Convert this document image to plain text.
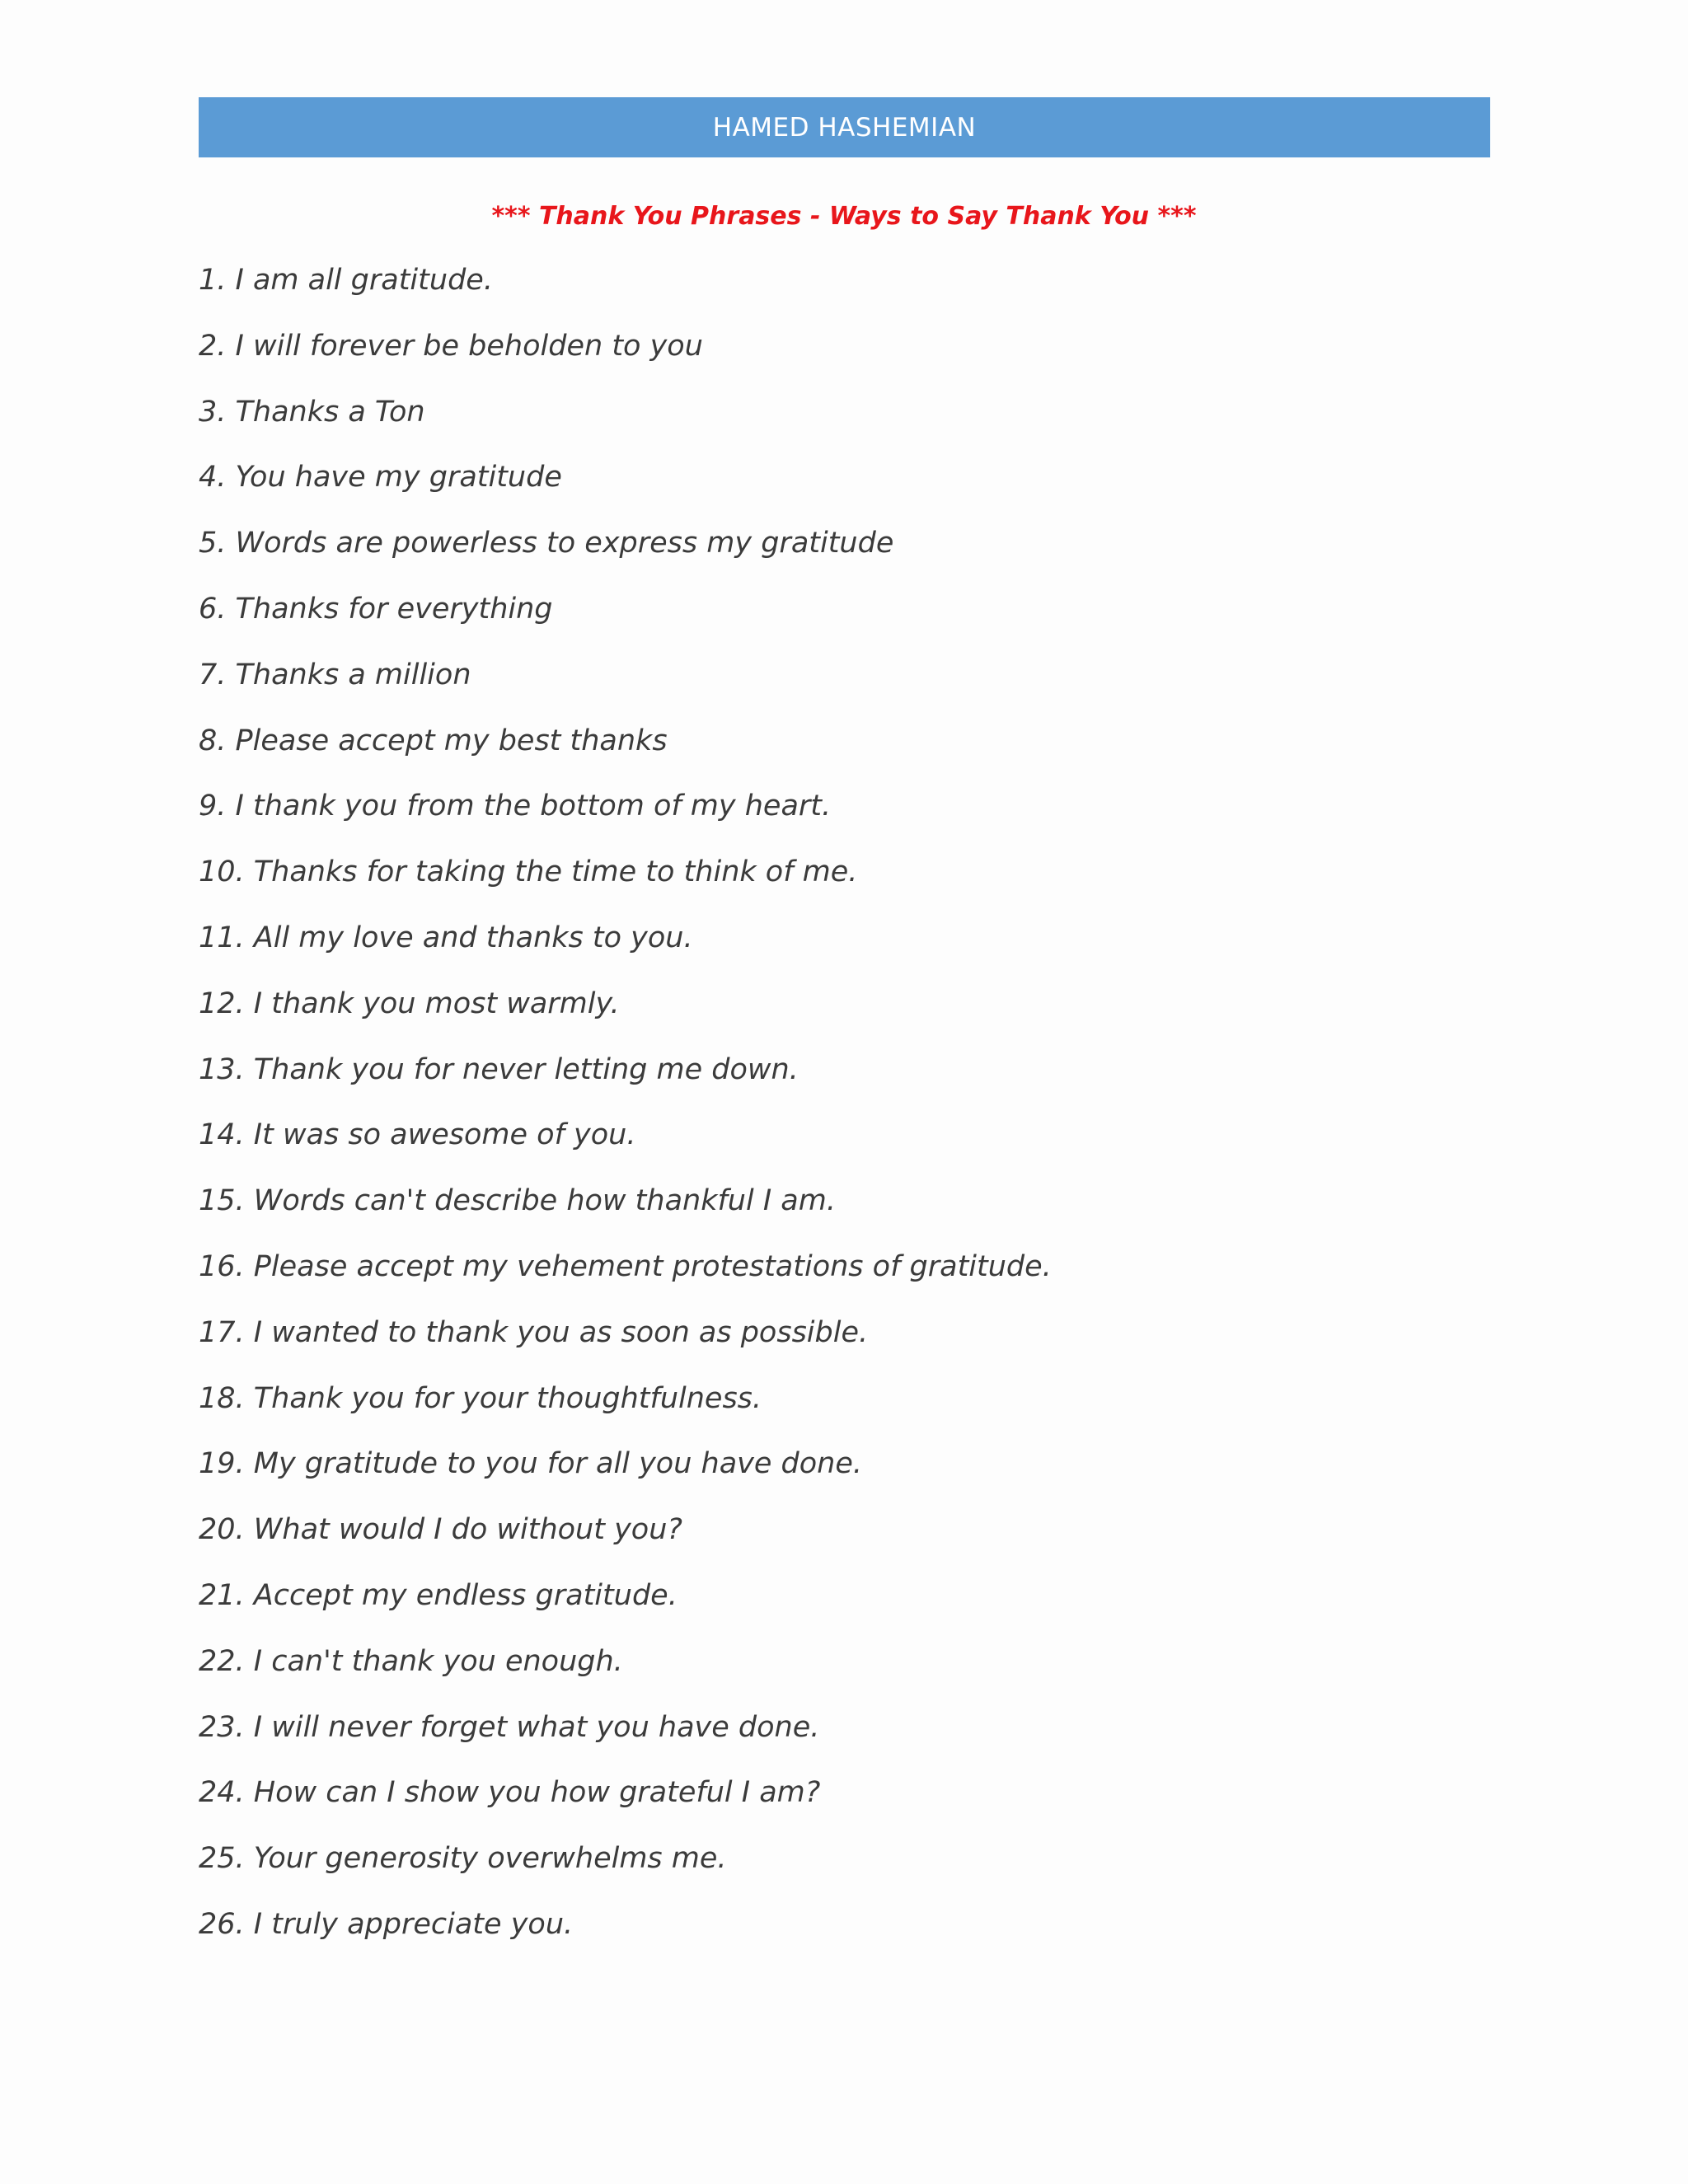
HAMED HASHEMIAN
*** Thank You Phrases - Ways to Say Thank You ***
1. I am all gratitude.
2. I will forever be beholden to you
3. Thanks a Ton
4. You have my gratitude
5. Words are powerless to express my gratitude
6. Thanks for everything
7. Thanks a million
8. Please accept my best thanks
9. I thank you from the bottom of my heart.
10. Thanks for taking the time to think of me.
11. All my love and thanks to you.
12. I thank you most warmly.
13. Thank you for never letting me down.
14. It was so awesome of you.
15. Words can't describe how thankful I am.
16. Please accept my vehement protestations of gratitude.
17. I wanted to thank you as soon as possible.
18. Thank you for your thoughtfulness.
19. My gratitude to you for all you have done.
20. What would I do without you?
21. Accept my endless gratitude.
22. I can't thank you enough.
23. I will never forget what you have done.
24. How can I show you how grateful I am?
25. Your generosity overwhelms me.
26. I truly appreciate you.
